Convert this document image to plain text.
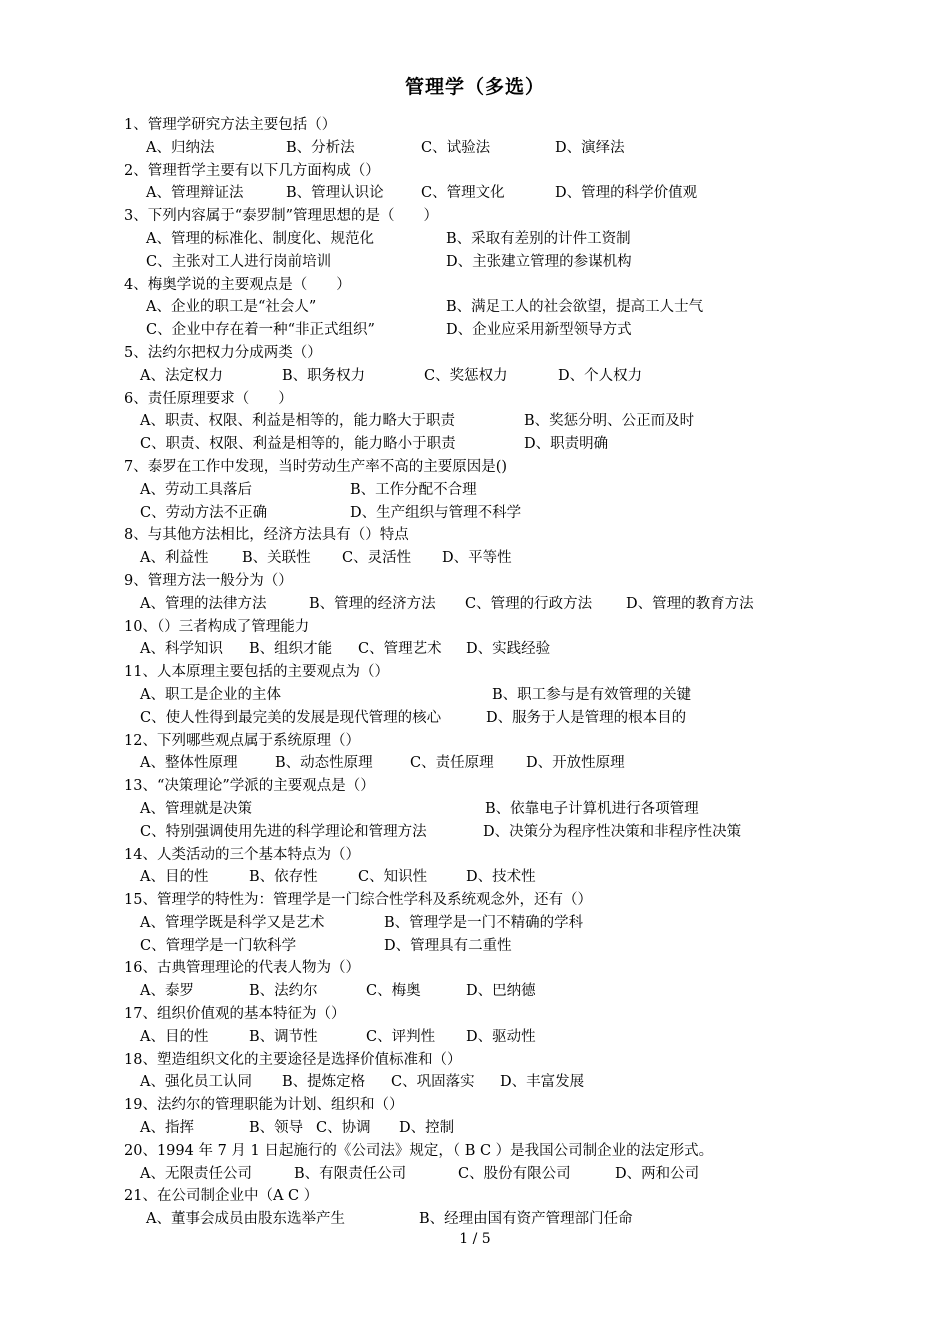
管理学（多选）
1、管理学研究方法主要包括（）
A、归纳法	B、分析法	C、试验法	D、演绎法
2、管理哲学主要有以下几方面构成（）
A、管理辩证法	B、管理认识论	C、管理文化	D、管理的科学价值观
3、下列内容属于“泰罗制”管理思想的是（　　）
A、管理的标准化、制度化、规范化	B、采取有差别的计件工资制
C、主张对工人进行岗前培训	D、主张建立管理的参谋机构
4、梅奥学说的主要观点是（　　）
A、企业的职工是“社会人”	B、满足工人的社会欲望，提高工人士气
C、企业中存在着一种“非正式组织”	D、企业应采用新型领导方式
5、法约尔把权力分成两类（）
A、法定权力	B、职务权力	C、奖惩权力	D、个人权力
6、责任原理要求（　　）
A、职责、权限、利益是相等的，能力略大于职责	B、奖惩分明、公正而及时
C、职责、权限、利益是相等的，能力略小于职责	D、职责明确
7、泰罗在工作中发现，当时劳动生产率不高的主要原因是()
A、劳动工具落后	B、工作分配不合理
C、劳动方法不正确	D、生产组织与管理不科学
8、与其他方法相比，经济方法具有（）特点
A、利益性 B、关联性 C、灵活性 D、平等性
9、管理方法一般分为（）
A、管理的法律方法	B、管理的经济方法 C、管理的行政方法 D、管理的教育方法
10、（）三者构成了管理能力
A、科学知识 B、组织才能 C、管理艺术 D、实践经验
11、人本原理主要包括的主要观点为（）
A、职工是企业的主体	B、职工参与是有效管理的关键
C、使人性得到最完美的发展是现代管理的核心	D、服务于人是管理的根本目的
12、下列哪些观点属于系统原理（）
A、整体性原理	B、动态性原理	C、责任原理 D、开放性原理
13、“决策理论”学派的主要观点是（）
A、管理就是决策	B、依靠电子计算机进行各项管理
C、特别强调使用先进的科学理论和管理方法	D、决策分为程序性决策和非程序性决策
14、人类活动的三个基本特点为（）
A、目的性	B、依存性	C、知识性	D、技术性
15、管理学的特性为：管理学是一门综合性学科及系统观念外，还有（）
A、管理学既是科学又是艺术	B、管理学是一门不精确的学科
C、管理学是一门软科学	D、管理具有二重性
16、古典管理理论的代表人物为（）
A、泰罗	B、法约尔	C、梅奥	D、巴纳德
17、组织价值观的基本特征为（）
A、目的性	B、调节性	C、评判性 D、驱动性
18、塑造组织文化的主要途径是选择价值标准和（）
A、强化员工认同 B、提炼定格 C、巩固落实 D、丰富发展
19、法约尔的管理职能为计划、组织和（）
A、指挥	B、领导 C、协调 D、控制
20、1994 年 7 月 1 日起施行的《公司法》规定，（ B C ）是我国公司制企业的法定形式。
A、无限责任公司	B、有限责任公司	C、股份有限公司	D、两和公司
21、在公司制企业中（A C ）
A、董事会成员由股东选举产生	B、经理由国有资产管理部门任命
1 / 5
